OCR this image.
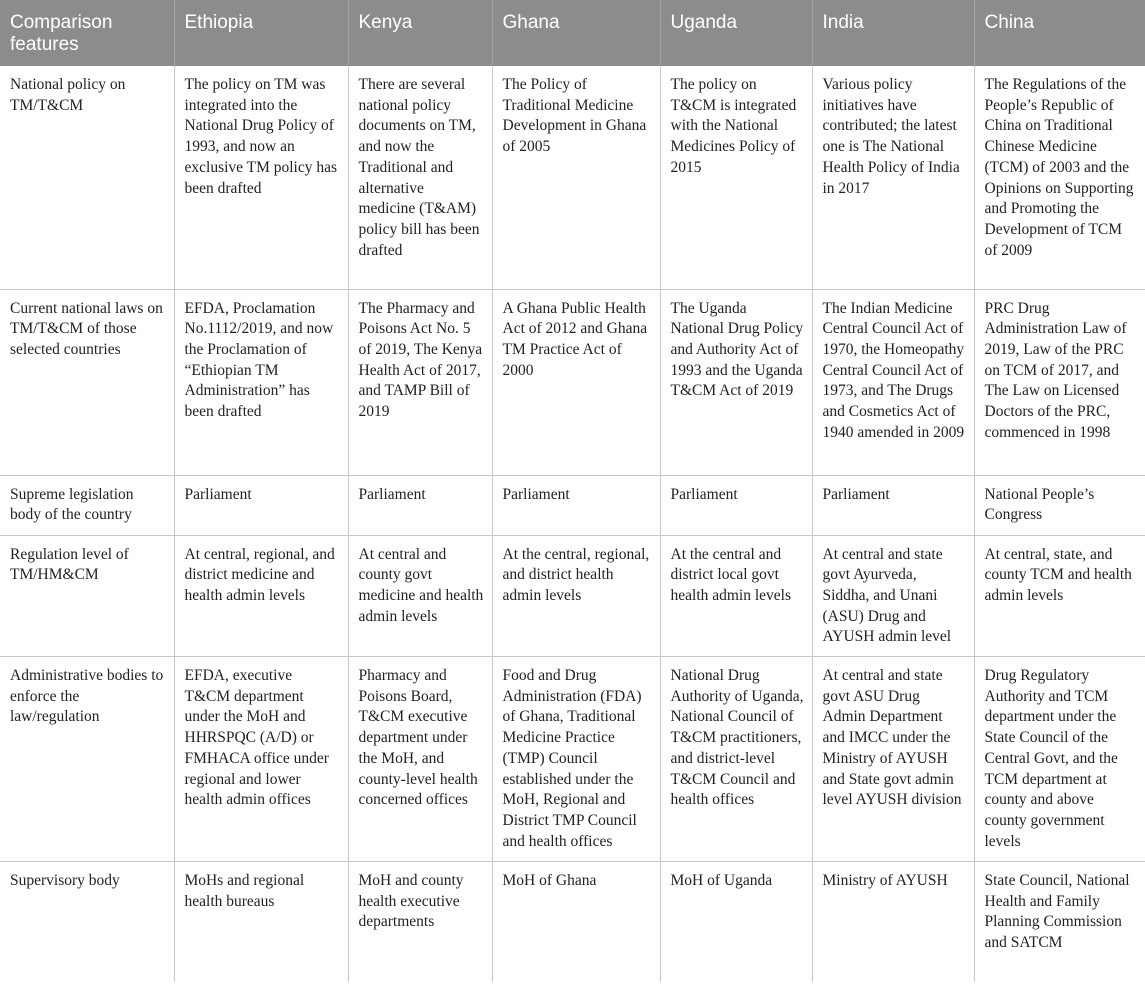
Comparison features	Ethiopia	Kenya	Ghana	Uganda	India	China
National policy on TM/T&CM	The policy on TM was integrated into the National Drug Policy of 1993, and now an exclusive TM policy has been drafted	There are several national policy documents on TM, and now the Traditional and alternative medicine (T&AM) policy bill has been drafted	The Policy of Traditional Medicine Development in Ghana of 2005	The policy on T&CM is integrated with the National Medicines Policy of 2015	Various policy initiatives have contributed; the latest one is The National Health Policy of India in 2017	The Regulations of the People’s Republic of China on Traditional Chinese Medicine (TCM) of 2003 and the Opinions on Supporting and Promoting the Development of TCM of 2009
Current national laws on TM/T&CM of those selected countries	EFDA, Proclamation No.1112/2019, and now the Proclamation of “Ethiopian TM Administration” has been drafted	The Pharmacy and Poisons Act No. 5 of 2019, The Kenya Health Act of 2017, and TAMP Bill of 2019	A Ghana Public Health Act of 2012 and Ghana TM Practice Act of 2000	The Uganda National Drug Policy and Authority Act of 1993 and the Uganda T&CM Act of 2019	The Indian Medicine Central Council Act of 1970, the Homeopathy Central Council Act of 1973, and The Drugs and Cosmetics Act of 1940 amended in 2009	PRC Drug Administration Law of 2019, Law of the PRC on TCM of 2017, and The Law on Licensed Doctors of the PRC, commenced in 1998
Supreme legislation body of the country	Parliament	Parliament	Parliament	Parliament	Parliament	National People’s Congress
Regulation level of TM/HM&CM	At central, regional, and district medicine and health admin levels	At central and county govt medicine and health admin levels	At the central, regional, and district health admin levels	At the central and district local govt health admin levels	At central and state govt Ayurveda, Siddha, and Unani (ASU) Drug and AYUSH admin level	At central, state, and county TCM and health admin levels
Administrative bodies to enforce the law/regulation	EFDA, executive T&CM department under the MoH and HHRSPQC (A/D) or FMHACA office under regional and lower health admin offices	Pharmacy and Poisons Board, T&CM executive department under the MoH, and county-level health concerned offices	Food and Drug Administration (FDA) of Ghana, Traditional Medicine Practice (TMP) Council established under the MoH, Regional and District TMP Council and health offices	National Drug Authority of Uganda, National Council of T&CM practitioners, and district-level T&CM Council and health offices	At central and state govt ASU Drug Admin Department and IMCC under the Ministry of AYUSH and State govt admin level AYUSH division	Drug Regulatory Authority and TCM department under the State Council of the Central Govt, and the TCM department at county and above county government levels
Supervisory body	MoHs and regional health bureaus	MoH and county health executive departments	MoH of Ghana	MoH of Uganda	Ministry of AYUSH	State Council, National Health and Family Planning Commission and SATCM
